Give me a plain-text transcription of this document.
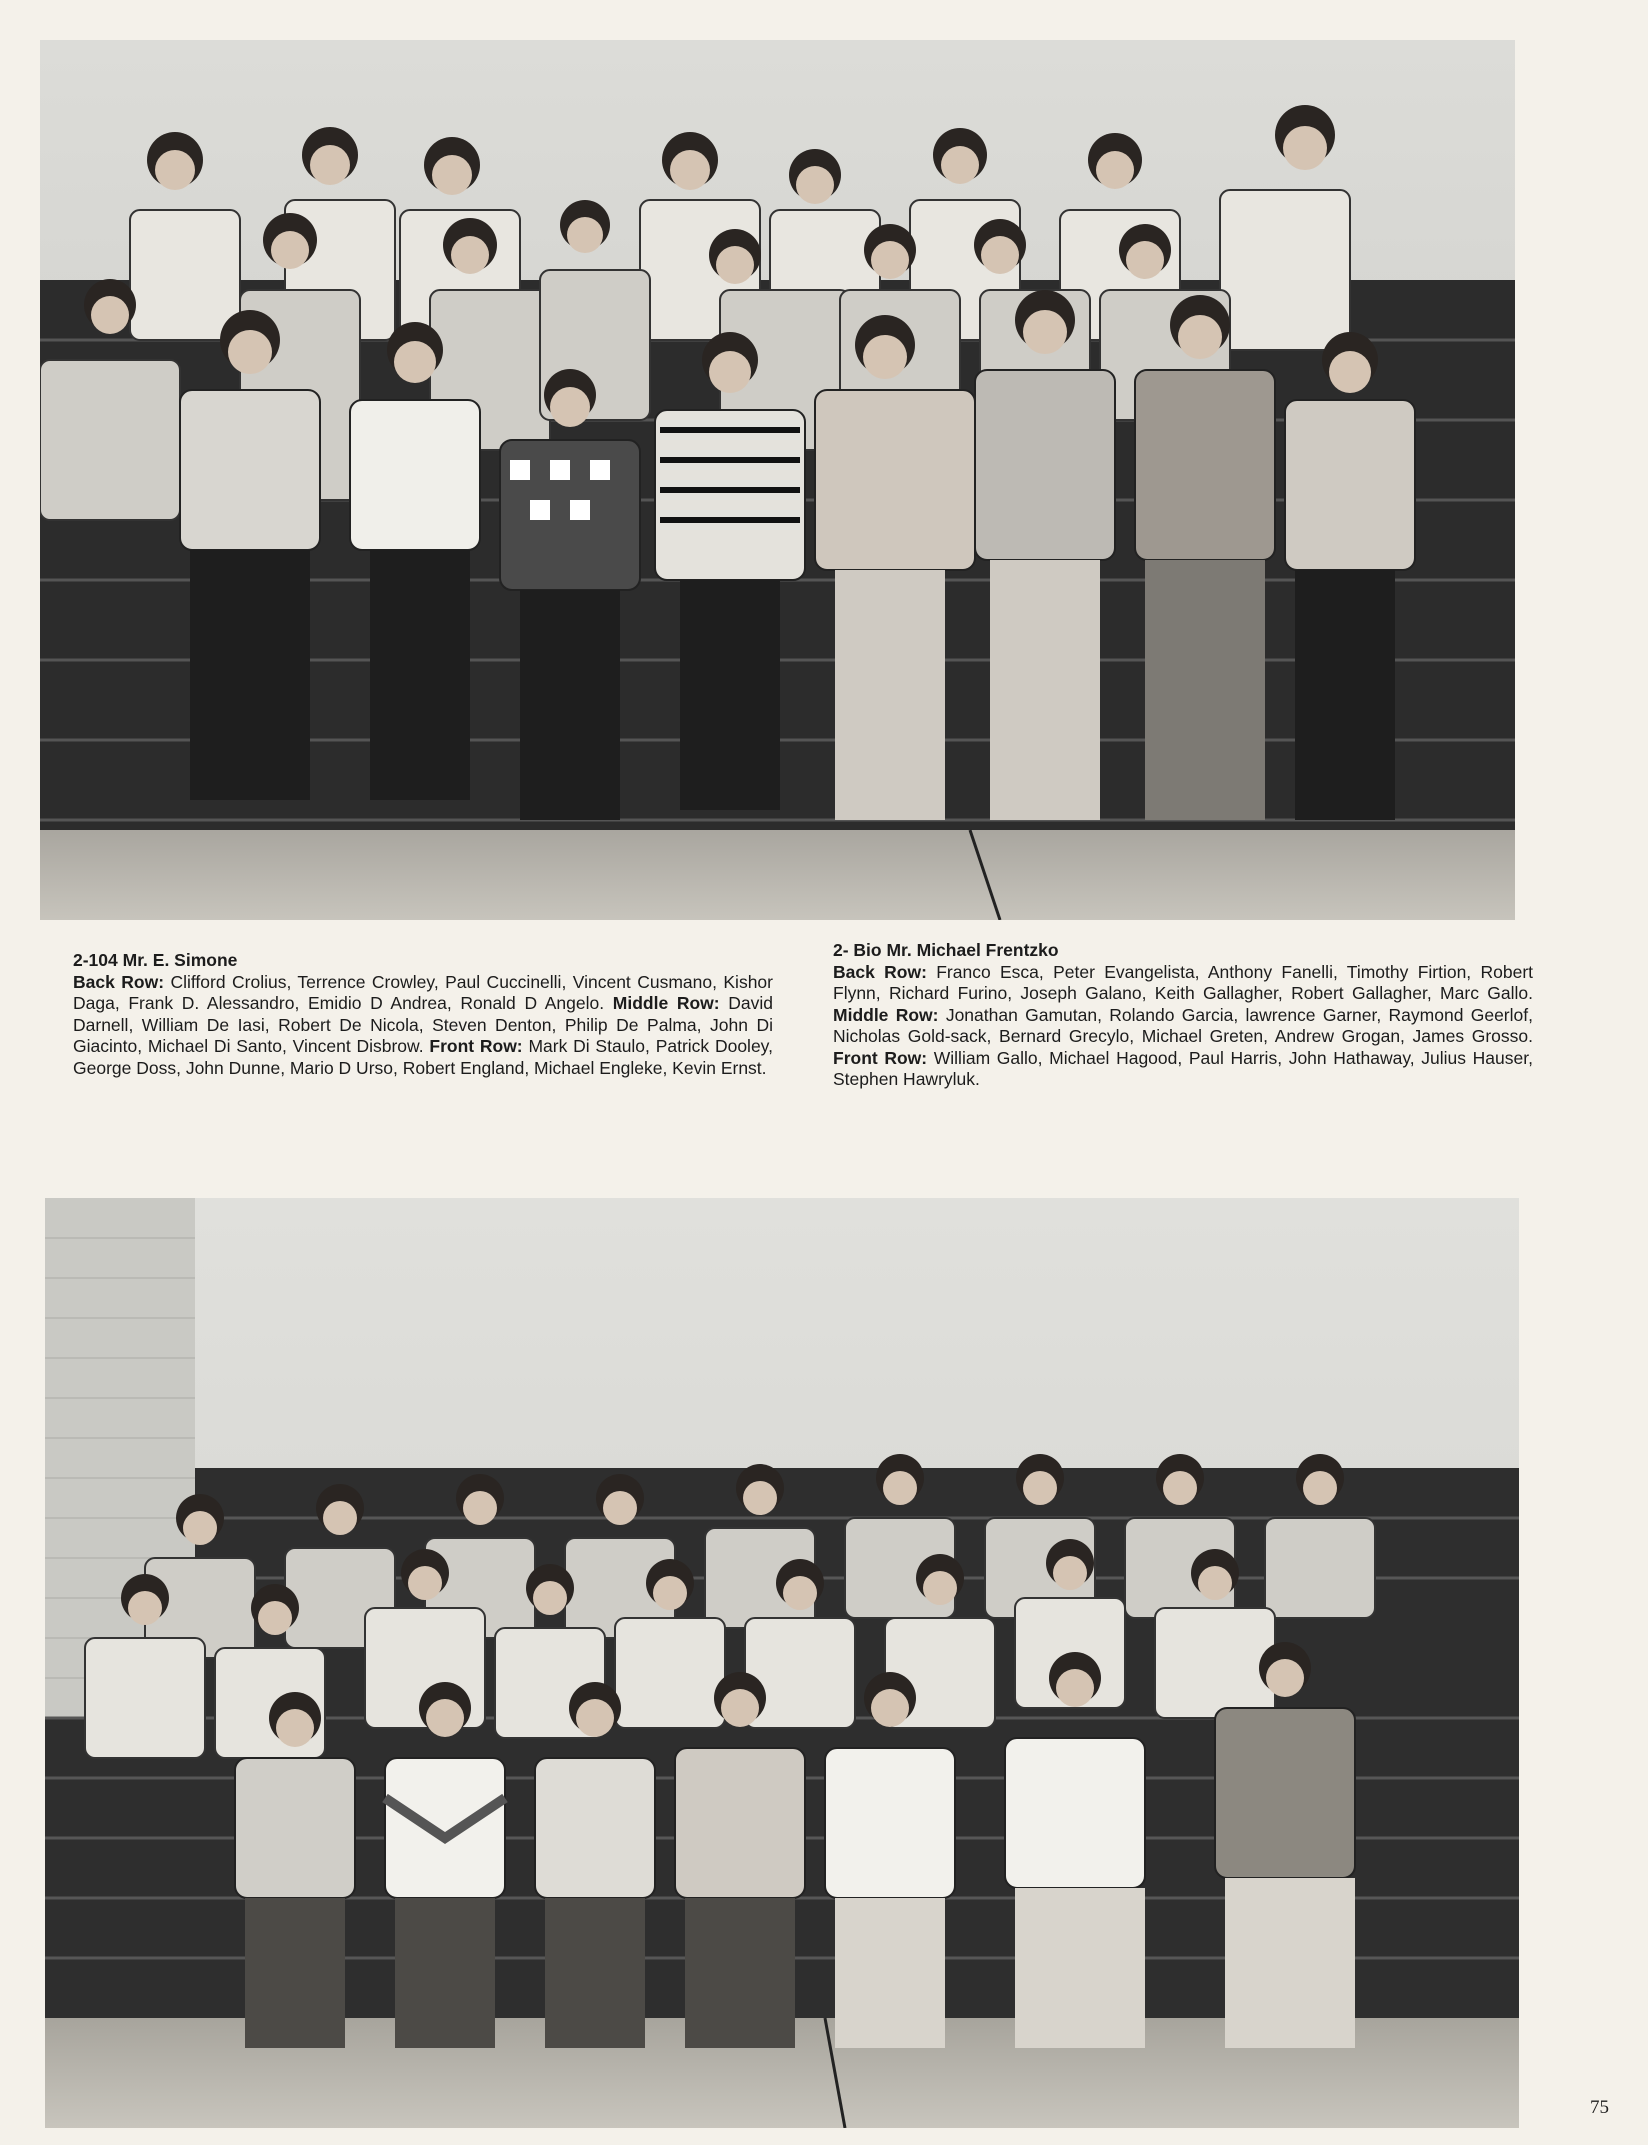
2-104 Mr. E. Simone
Back Row: Clifford Crolius, Terrence Crowley, Paul Cuccinelli, Vincent Cusmano, Kishor Daga, Frank D. Alessandro, Emidio D Andrea, Ronald D Angelo. Middle Row: David Darnell, William De Iasi, Robert De Nicola, Steven Denton, Philip De Palma, John Di Giacinto, Michael Di Santo, Vincent Disbrow. Front Row: Mark Di Staulo, Patrick Dooley, George Doss, John Dunne, Mario D Urso, Robert England, Michael Engleke, Kevin Ernst.
2- Bio Mr. Michael Frentzko
Back Row: Franco Esca, Peter Evangelista, Anthony Fanelli, Timothy Firtion, Robert Flynn, Richard Furino, Joseph Galano, Keith Gallagher, Robert Gallagher, Marc Gallo. Middle Row: Jonathan Gamutan, Rolando Garcia, lawrence Garner, Raymond Geerlof, Nicholas Gold-sack, Bernard Grecylo, Michael Greten, Andrew Grogan, James Grosso. Front Row: William Gallo, Michael Hagood, Paul Harris, John Hathaway, Julius Hauser, Stephen Hawryluk.
75
